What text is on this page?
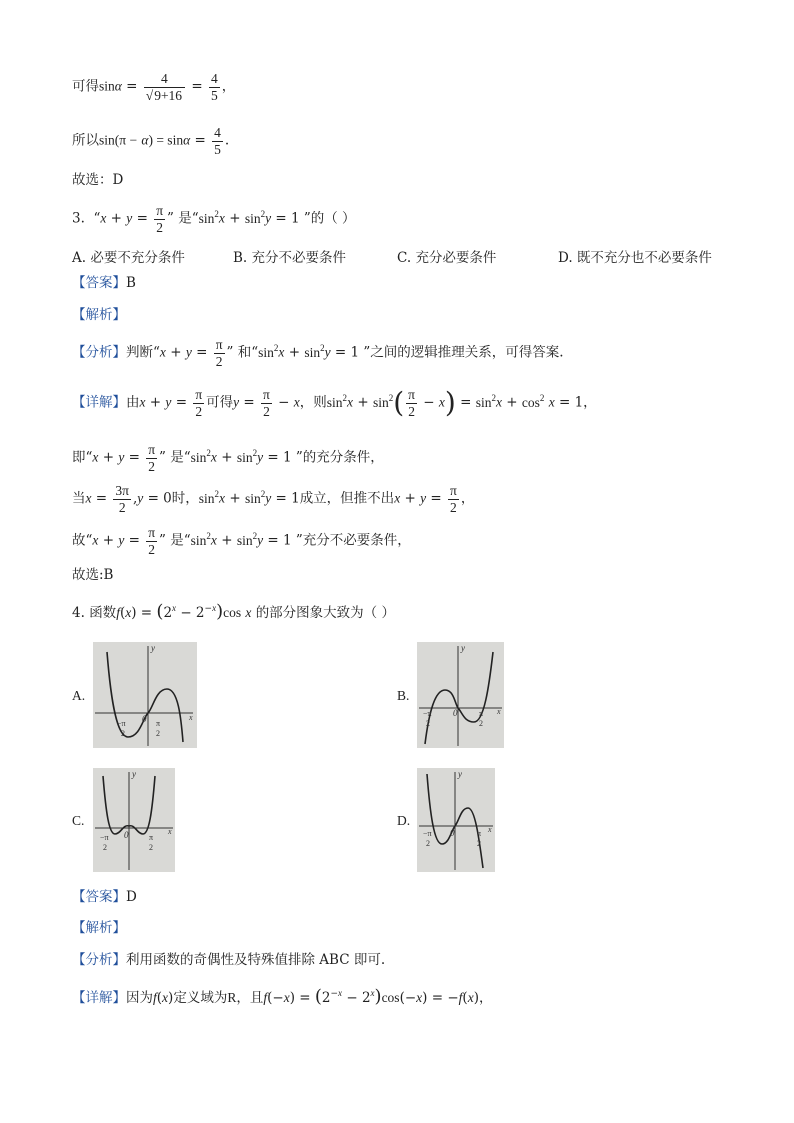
可得$\sin\alpha = \frac{4}{√9+16} = \frac{4}{5}$ ，
所以$\sin(\pi - \alpha) = \sin\alpha = \frac{4}{5}$ .
故选：D
3. “$x + y = \frac{\pi}{2}$ ” 是“$\sin^2x + \sin^2y = 1$ ”的（ ）
A. 必要不充分条件	B. 充分不必要条件	C. 充分必要条件	D. 既不充分也不必要条件
【答案】B
【解析】
【分析】判断“$x + y = \frac{\pi}{2}$ ” 和“$\sin^2x + \sin^2y = 1$ ”之间的逻辑推理关系，可得答案.
【详解】由$x + y = \frac{\pi}{2}$ 可得$y = \frac{\pi}{2} - x$，则$\sin^2x + \sin^2( \frac{\pi}{2} - x) = \sin^2x + \cos^2 x = 1$，
即“$x + y = \frac{\pi}{2}$ ” 是“$\sin^2x + \sin^2y = 1$ ”的充分条件，
当$x = \frac{3\pi}{2} ,y = 0$时，$\sin^2x + \sin^2y = 1$成立，但推不出$x + y = \frac{\pi}{2}$ ，
故“$x + y = \frac{\pi}{2}$ ” 是“$\sin^2x + \sin^2y = 1$ ”充分不必要条件，
故选:B
4. 函数$f(x) = (2^x - 2^{-x})\cos$ x 的部分图象大致为（ ）
A.
y
x
0
−π
2
π
2
B.
y
x
0
−π
2
π
2
C.
y
x
0
−π
2
π
2
D.
y
x
0
−π
2
π
2
【答案】D
【解析】
【分析】利用函数的奇偶性及特殊值排除 ABC 即可.
【详解】因为f(x)定义域为R，且$f(-x) = (2^{-x} - 2^x)\cos(-x) = -f(x)$，
